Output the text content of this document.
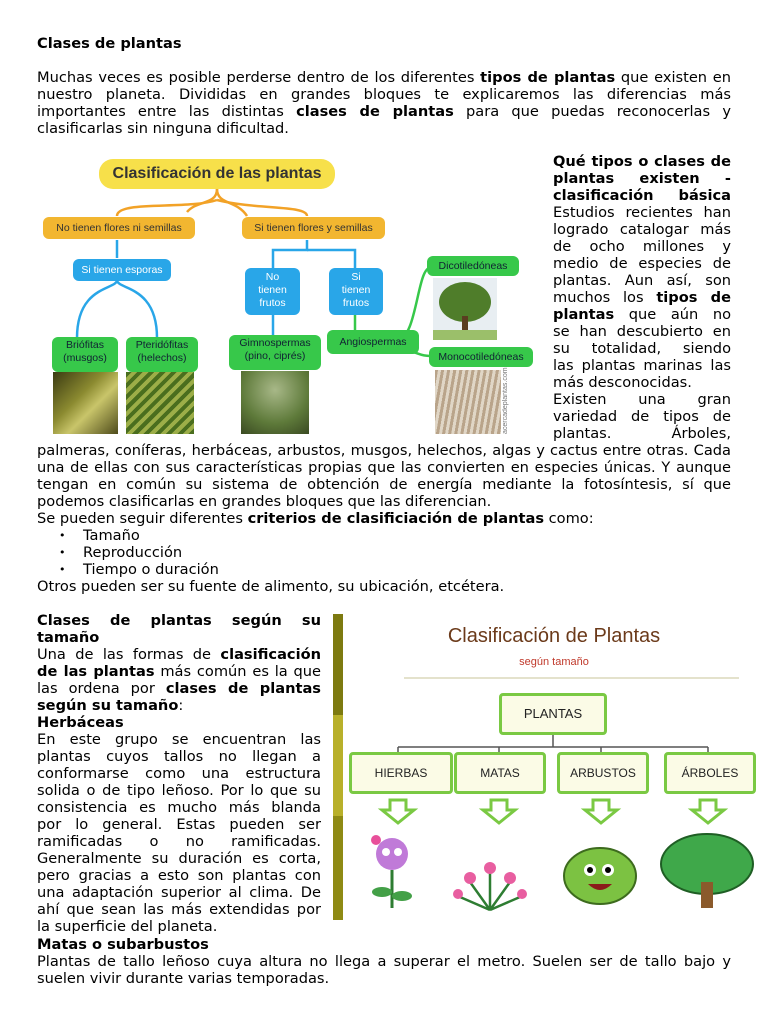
Clases de plantas

Muchas veces es posible perderse dentro de los diferentes tipos de plantas que existen en nuestro planeta. Divididas en grandes bloques te explicaremos las diferencias más importantes entre las distintas clases de plantas para que puedas reconocerlas y clasificarlas sin ninguna dificultad.

Clasificación de las plantas
No tienen flores ni semillas	Si tienen flores y semillas
Si tienen esporas
No
tienen
frutos
Si
tienen
frutos
Briófitas
(musgos)
Pteridófitas
(helechos)
Gimnospermas
(pino, ciprés)
Angiospermas
Dicotiledóneas
Monocotiledóneas
acercadeplantas.com

Qué tipos o clases de plantas existen - clasificación básica

Estudios recientes han

logrado catalogar más

de ocho millones y

medio de especies de

plantas. Aun así, son

muchos los tipos de

plantas que aún no

se han descubierto en

su totalidad, siendo

las plantas marinas las

más desconocidas.

Existen una gran

variedad de tipos de

plantas. Árboles,

palmeras, coníferas, herbáceas, arbustos, musgos, helechos, algas y cactus entre otras. Cada una de ellas con sus características propias que las convierten en especies únicas. Y aunque tengan en común su sistema de obtención de energía mediante la fotosíntesis, sí que podemos clasificarlas en grandes bloques que las diferencian.

Se pueden seguir diferentes criterios de clasificiación de plantas como:

• Tamaño
• Reproducción
• Tiempo o duración

Otros pueden ser su fuente de alimento, su ubicación, etcétera.

Clases de plantas según su tamaño

Una de las formas de clasificación de las plantas más común es la que las ordena por clases de plantas según su tamaño:

Herbáceas

En este grupo se encuentran las plantas cuyos tallos no llegan a conformarse como una estructura solida o de tipo leñoso. Por lo que su consistencia es mucho más blanda por lo general. Estas pueden ser ramificadas o no ramificadas. Generalmente su duración es corta, pero gracias a esto son plantas con una adaptación superior al clima. De ahí que sean las más extendidas por la superficie del planeta.

Matas o subarbustos

Plantas de tallo leñoso cuya altura no llega a superar el metro. Suelen ser de tallo bajo y suelen vivir durante varias temporadas.

Clasificación de Plantas
según tamaño
PLANTAS
HIERBAS	MATAS	ARBUSTOS	ÁRBOLES
